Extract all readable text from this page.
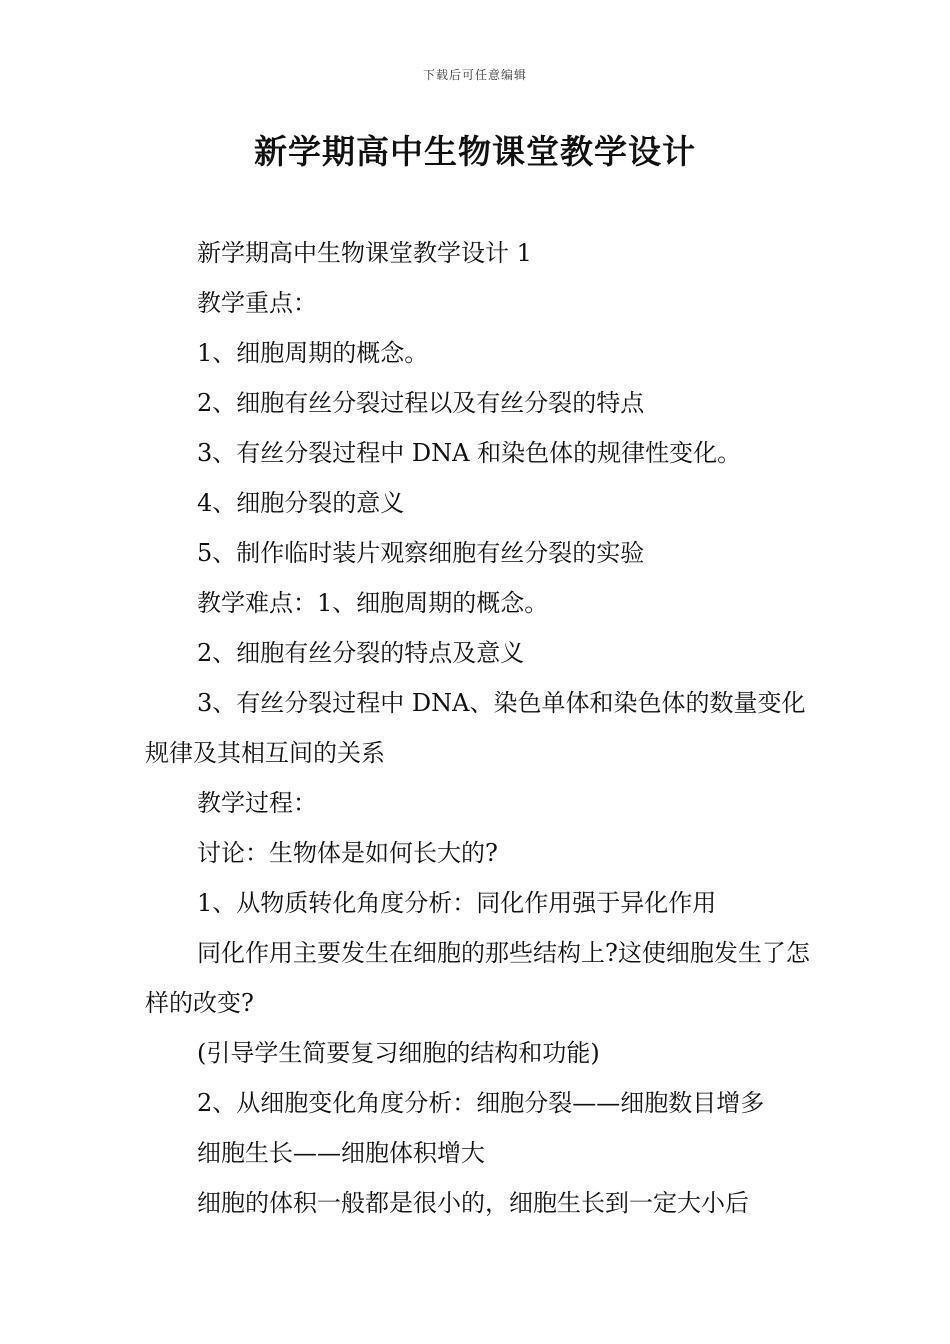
下载后可任意编辑
新学期高中生物课堂教学设计

新学期高中生物课堂教学设计 1

教学重点：

1、细胞周期的概念。

2、细胞有丝分裂过程以及有丝分裂的特点

3、有丝分裂过程中 DNA 和染色体的规律性变化。

4、细胞分裂的意义

5、制作临时装片观察细胞有丝分裂的实验

教学难点：1、细胞周期的概念。

2、细胞有丝分裂的特点及意义

3、有丝分裂过程中 DNA、染色单体和染色体的数量变化规律及其相互间的关系

教学过程：

讨论：生物体是如何长大的?

1、从物质转化角度分析：同化作用强于异化作用

同化作用主要发生在细胞的那些结构上?这使细胞发生了怎样的改变?

(引导学生简要复习细胞的结构和功能)

2、从细胞变化角度分析：细胞分裂——细胞数目增多

细胞生长——细胞体积增大

细胞的体积一般都是很小的，细胞生长到一定大小后
